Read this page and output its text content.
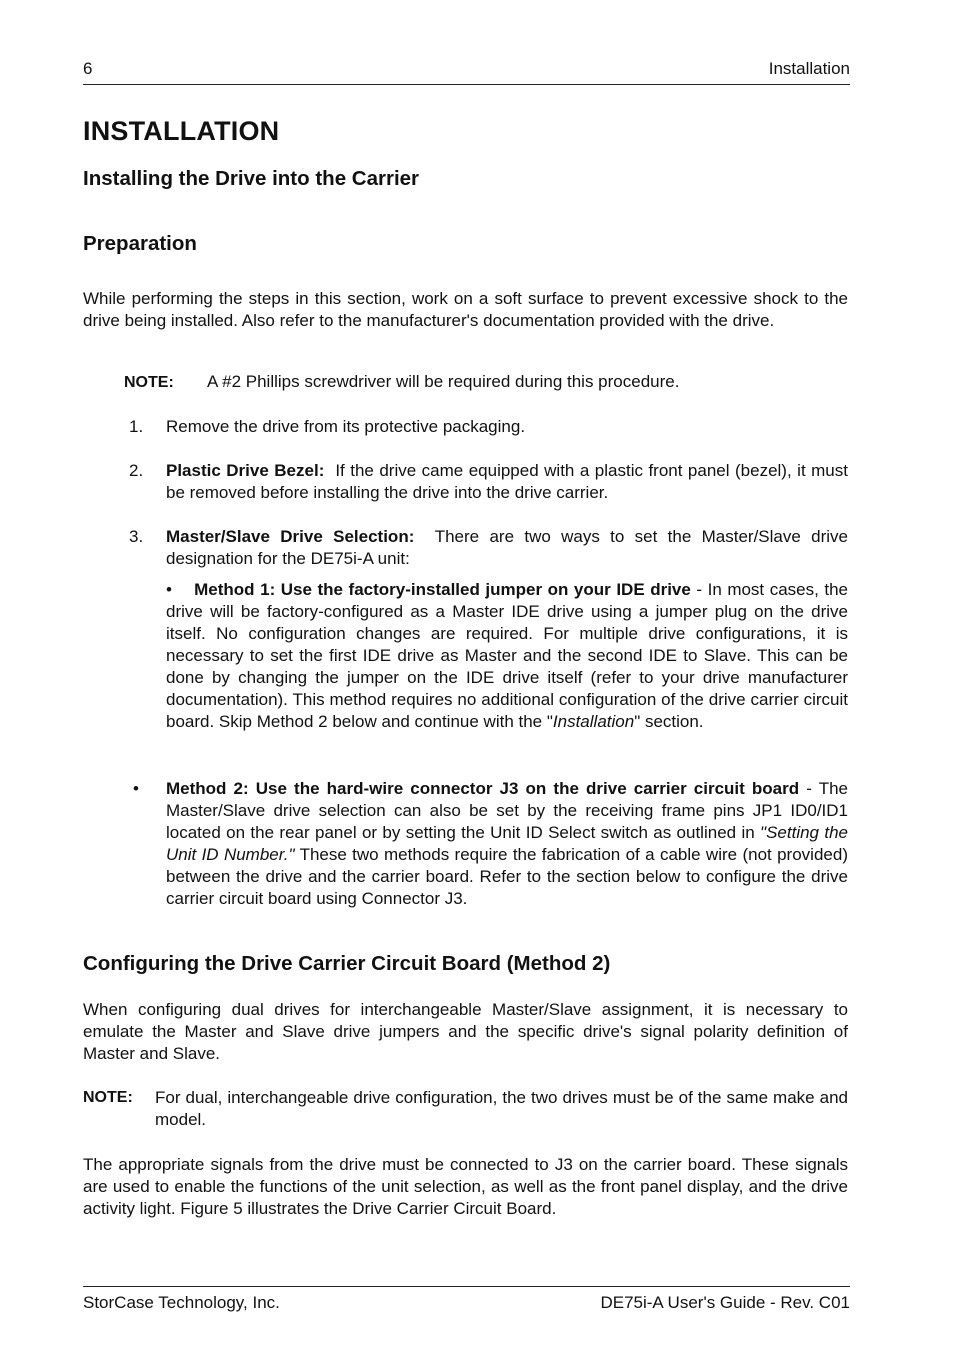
6	Installation
INSTALLATION
Installing the Drive into the Carrier
Preparation
While performing the steps in this section, work on a soft surface to prevent excessive shock to the drive being installed. Also refer to the manufacturer's documentation provided with the drive.
NOTE: A #2 Phillips screwdriver will be required during this procedure.
1. Remove the drive from its protective packaging.
2. Plastic Drive Bezel: If the drive came equipped with a plastic front panel (bezel), it must be removed before installing the drive into the drive carrier.
3. Master/Slave Drive Selection: There are two ways to set the Master/Slave drive designation for the DE75i-A unit:
• Method 1: Use the factory-installed jumper on your IDE drive - In most cases, the drive will be factory-configured as a Master IDE drive using a jumper plug on the drive itself. No configuration changes are required. For multiple drive configurations, it is necessary to set the first IDE drive as Master and the second IDE to Slave. This can be done by changing the jumper on the IDE drive itself (refer to your drive manufacturer documentation). This method requires no additional configuration of the drive carrier circuit board. Skip Method 2 below and continue with the "Installation" section.
• Method 2: Use the hard-wire connector J3 on the drive carrier circuit board - The Master/Slave drive selection can also be set by the receiving frame pins JP1 ID0/ID1 located on the rear panel or by setting the Unit ID Select switch as outlined in "Setting the Unit ID Number." These two methods require the fabrication of a cable wire (not provided) between the drive and the carrier board. Refer to the section below to configure the drive carrier circuit board using Connector J3.
Configuring the Drive Carrier Circuit Board (Method 2)
When configuring dual drives for interchangeable Master/Slave assignment, it is necessary to emulate the Master and Slave drive jumpers and the specific drive's signal polarity definition of Master and Slave.
NOTE: For dual, interchangeable drive configuration, the two drives must be of the same make and model.
The appropriate signals from the drive must be connected to J3 on the carrier board. These signals are used to enable the functions of the unit selection, as well as the front panel display, and the drive activity light. Figure 5 illustrates the Drive Carrier Circuit Board.
StorCase Technology, Inc.	DE75i-A User's Guide - Rev. C01
